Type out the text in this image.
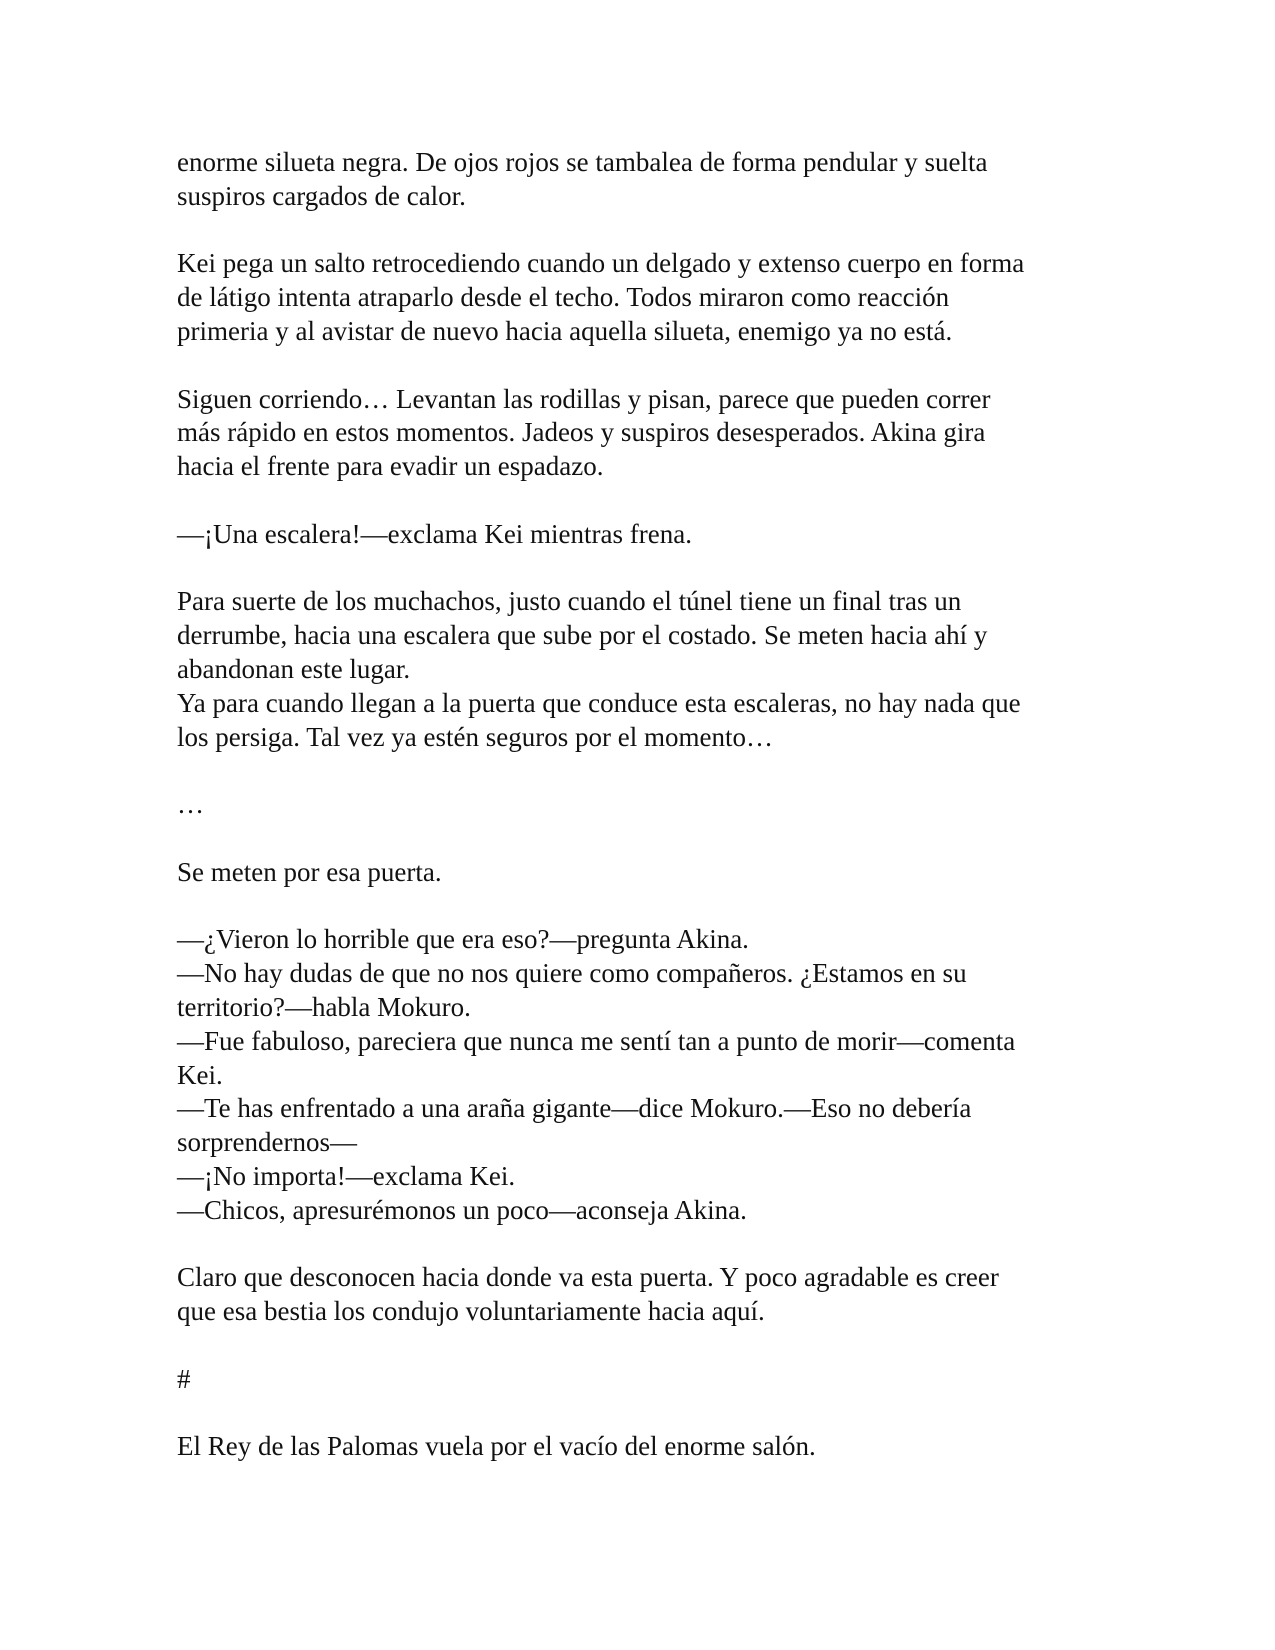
enorme silueta negra. De ojos rojos se tambalea de forma pendular y suelta
suspiros cargados de calor.

Kei pega un salto retrocediendo cuando un delgado y extenso cuerpo en forma
de látigo intenta atraparlo desde el techo. Todos miraron como reacción
primeria y al avistar de nuevo hacia aquella silueta, enemigo ya no está.

Siguen corriendo… Levantan las rodillas y pisan, parece que pueden correr
más rápido en estos momentos. Jadeos y suspiros desesperados. Akina gira
hacia el frente para evadir un espadazo.

—¡Una escalera!—exclama Kei mientras frena.

Para suerte de los muchachos, justo cuando el túnel tiene un final tras un
derrumbe, hacia una escalera que sube por el costado. Se meten hacia ahí y
abandonan este lugar.

Ya para cuando llegan a la puerta que conduce esta escaleras, no hay nada que
los persiga. Tal vez ya estén seguros por el momento…

…

Se meten por esa puerta.

—¿Vieron lo horrible que era eso?—pregunta Akina.

—No hay dudas de que no nos quiere como compañeros. ¿Estamos en su
territorio?—habla Mokuro.

—Fue fabuloso, pareciera que nunca me sentí tan a punto de morir—comenta
Kei.

—Te has enfrentado a una araña gigante—dice Mokuro.—Eso no debería
sorprendernos—

—¡No importa!—exclama Kei.

—Chicos, apresurémonos un poco—aconseja Akina.

Claro que desconocen hacia donde va esta puerta. Y poco agradable es creer
que esa bestia los condujo voluntariamente hacia aquí.

#

El Rey de las Palomas vuela por el vacío del enorme salón.
